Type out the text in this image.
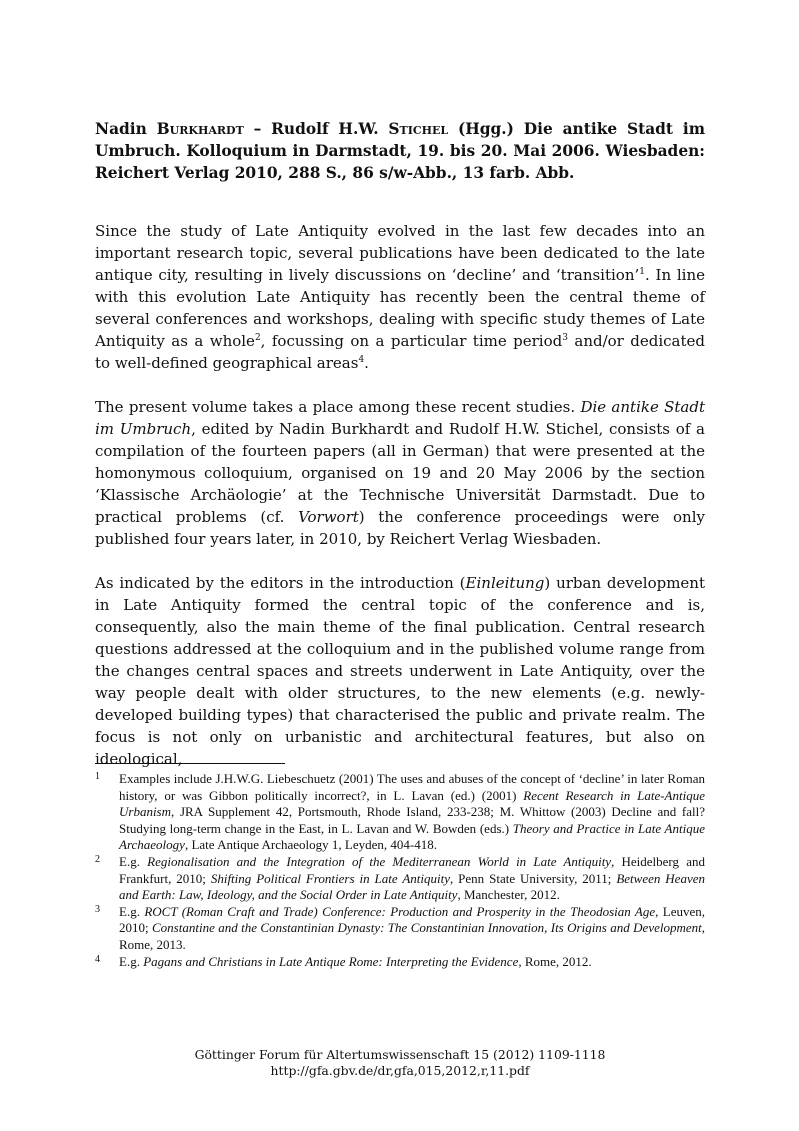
Nadin Burkhardt – Rudolf H.W. Stichel (Hgg.) Die antike Stadt im Umbruch. Kolloquium in Darmstadt, 19. bis 20. Mai 2006. Wiesbaden: Reichert Verlag 2010, 288 S., 86 s/w-Abb., 13 farb. Abb.

Since the study of Late Antiquity evolved in the last few decades into an important research topic, several publications have been dedicated to the late antique city, resulting in lively discussions on ‘decline’ and ‘transition’$^1$. In line with this evolution Late Antiquity has recently been the central theme of several conferences and workshops, dealing with specific study themes of Late Antiquity as a whole$^2$, focussing on a particular time period$^3$ and/or dedicated to well-defined geographical areas$^4$.

The present volume takes a place among these recent studies. Die antike Stadt im Umbruch, edited by Nadin Burkhardt and Rudolf H.W. Stichel, consists of a compilation of the fourteen papers (all in German) that were presented at the homonymous colloquium, organised on 19 and 20 May 2006 by the section ‘Klassische Archäologie’ at the Technische Universität Darmstadt. Due to practical problems (cf. Vorwort) the conference proceedings were only published four years later, in 2010, by Reichert Verlag Wiesbaden.

As indicated by the editors in the introduction (Einleitung) urban development in Late Antiquity formed the central topic of the conference and is, consequently, also the main theme of the final publication. Central research questions addressed at the colloquium and in the published volume range from the changes central spaces and streets underwent in Late Antiquity, over the way people dealt with older structures, to the new elements (e.g. newly-developed building types) that characterised the public and private realm. The focus is not only on urbanistic and architectural features, but also on ideological,

1	Examples include J.H.W.G. Liebeschuetz (2001) The uses and abuses of the concept of ‘decline’ in later Roman history, or was Gibbon politically incorrect?, in L. Lavan (ed.) (2001) Recent Research in Late-Antique Urbanism, JRA Supplement 42, Portsmouth, Rhode Island, 233-238; M. Whittow (2003) Decline and fall? Studying long-term change in the East, in L. Lavan and W. Bowden (eds.) Theory and Practice in Late Antique Archaeology, Late Antique Archaeology 1, Leyden, 404-418.
2	E.g. Regionalisation and the Integration of the Mediterranean World in Late Antiquity, Heidelberg and Frankfurt, 2010; Shifting Political Frontiers in Late Antiquity, Penn State University, 2011; Between Heaven and Earth: Law, Ideology, and the Social Order in Late Antiquity, Manchester, 2012.
3	E.g. ROCT (Roman Craft and Trade) Conference: Production and Prosperity in the Theodosian Age, Leuven, 2010; Constantine and the Constantinian Dynasty: The Constantinian Innovation, Its Origins and Development, Rome, 2013.
4	E.g. Pagans and Christians in Late Antique Rome: Interpreting the Evidence, Rome, 2012.
Göttinger Forum für Altertumswissenschaft 15 (2012) 1109-1118
http://gfa.gbv.de/dr,gfa,015,2012,r,11.pdf
